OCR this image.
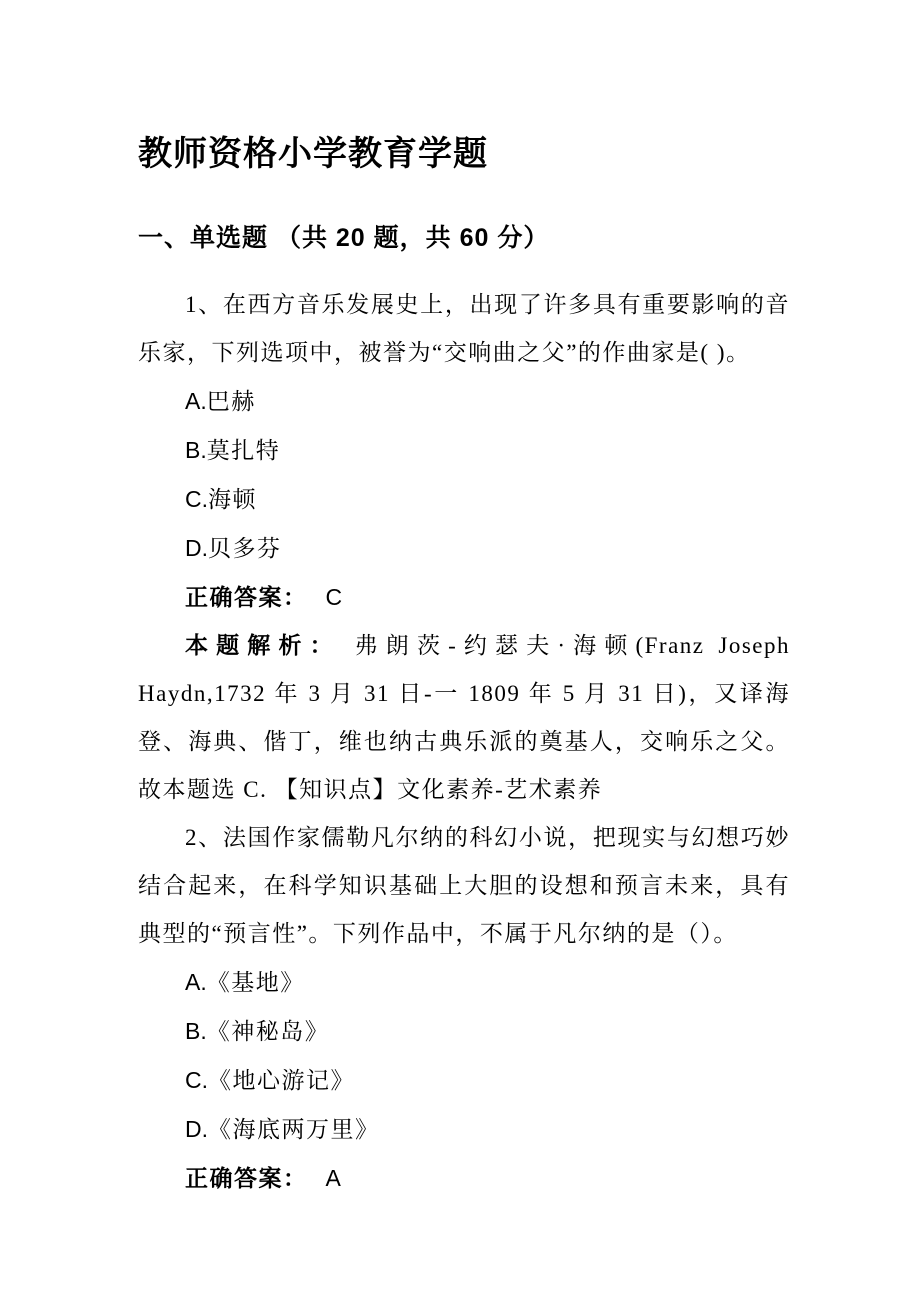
教师资格小学教育学题
一、单选题 （共 20 题，共 60 分）

1、在西方音乐发展史上，出现了许多具有重要影响的音乐家，下列选项中，被誉为“交响曲之父”的作曲家是( )。

A.巴赫

B.莫扎特

C.海顿

D.贝多芬

正确答案： C

本题解析： 弗朗茨-约瑟夫·海顿(Franz Joseph Haydn,1732 年 3 月 31 日-一 1809 年 5 月 31 日)，又译海登、海典、偕丁，维也纳古典乐派的奠基人，交响乐之父。故本题选 C. 【知识点】文化素养-艺术素养

2、法国作家儒勒凡尔纳的科幻小说，把现实与幻想巧妙结合起来，在科学知识基础上大胆的设想和预言未来，具有典型的“预言性”。下列作品中，不属于凡尔纳的是（）。

A.《基地》

B.《神秘岛》

C.《地心游记》

D.《海底两万里》

正确答案： A
